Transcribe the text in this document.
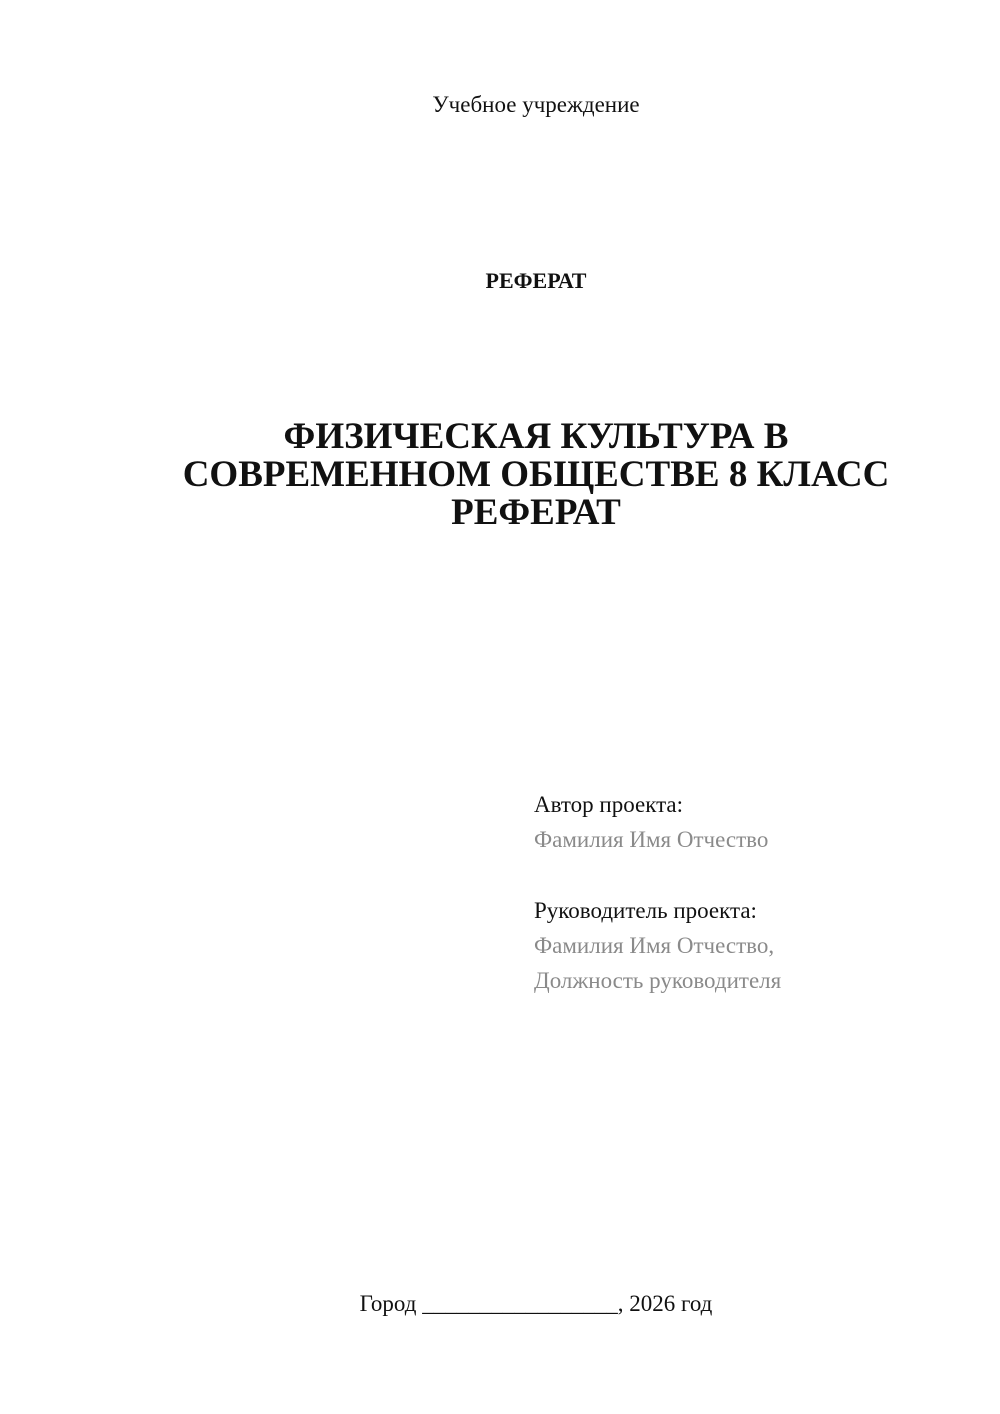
Учебное учреждение
РЕФЕРАТ
ФИЗИЧЕСКАЯ КУЛЬТУРА В
СОВРЕМЕННОМ ОБЩЕСТВЕ 8 КЛАСС
РЕФЕРАТ
Автор проекта:
Фамилия Имя Отчество
Руководитель проекта:
Фамилия Имя Отчество,
Должность руководителя
Город _________________, 2026 год
